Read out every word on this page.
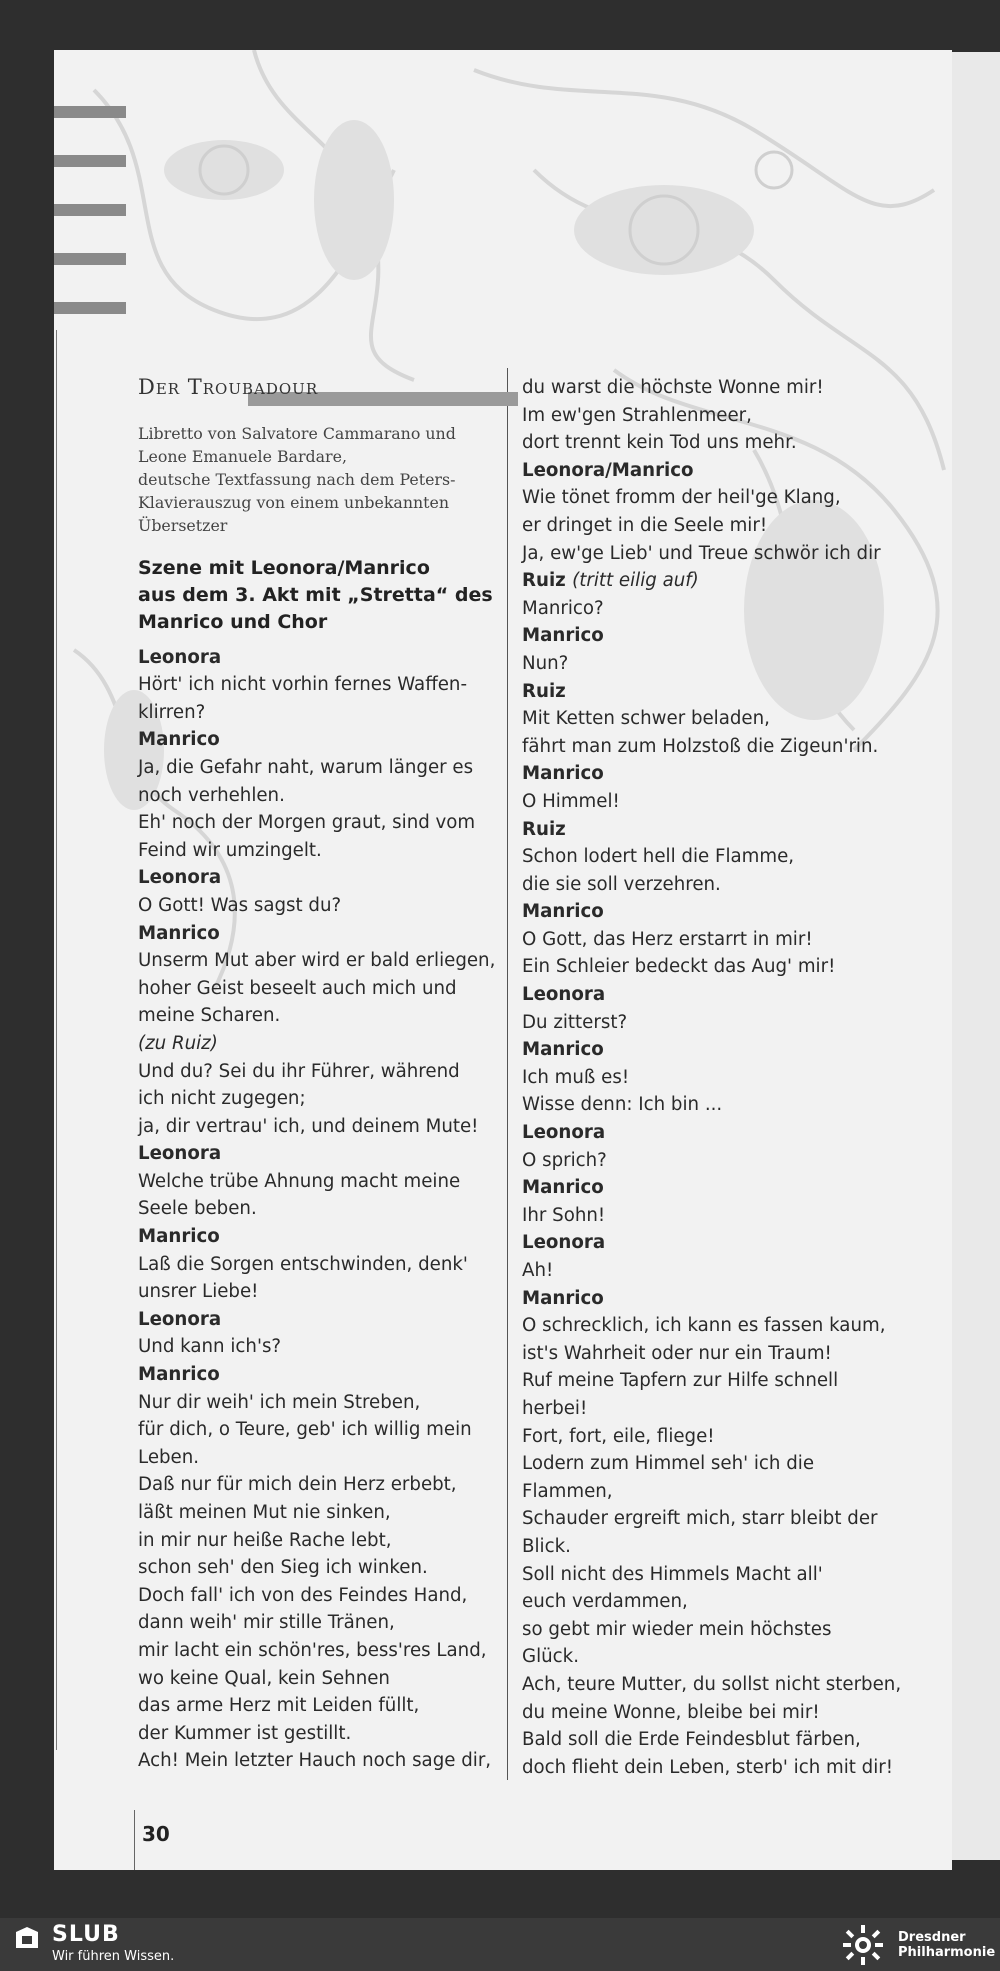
Der Troubadour
Libretto von Salvatore Cammarano und
Leone Emanuele Bardare,
deutsche Textfassung nach dem Peters-
Klavierauszug von einem unbekannten
Übersetzer
Szene mit Leonora/Manrico
aus dem 3. Akt mit „Stretta“ des
Manrico und Chor
Leonora
Hört' ich nicht vorhin fernes Waffen-
klirren?
Manrico
Ja, die Gefahr naht, warum länger es
noch verhehlen.
Eh' noch der Morgen graut, sind vom
Feind wir umzingelt.
Leonora
O Gott! Was sagst du?
Manrico
Unserm Mut aber wird er bald erliegen,
hoher Geist beseelt auch mich und
meine Scharen.
(zu Ruiz)
Und du? Sei du ihr Führer, während
ich nicht zugegen;
ja, dir vertrau' ich, und deinem Mute!
Leonora
Welche trübe Ahnung macht meine
Seele beben.
Manrico
Laß die Sorgen entschwinden, denk'
unsrer Liebe!
Leonora
Und kann ich's?
Manrico
Nur dir weih' ich mein Streben,
für dich, o Teure, geb' ich willig mein
Leben.
Daß nur für mich dein Herz erbebt,
läßt meinen Mut nie sinken,
in mir nur heiße Rache lebt,
schon seh' den Sieg ich winken.
Doch fall' ich von des Feindes Hand,
dann weih' mir stille Tränen,
mir lacht ein schön'res, bess'res Land,
wo keine Qual, kein Sehnen
das arme Herz mit Leiden füllt,
der Kummer ist gestillt.
Ach! Mein letzter Hauch noch sage dir,
du warst die höchste Wonne mir!
Im ew'gen Strahlenmeer,
dort trennt kein Tod uns mehr.
Leonora/Manrico
Wie tönet fromm der heil'ge Klang,
er dringet in die Seele mir!
Ja, ew'ge Lieb' und Treue schwör ich dir
Ruiz (tritt eilig auf)
Manrico?
Manrico
Nun?
Ruiz
Mit Ketten schwer beladen,
fährt man zum Holzstoß die Zigeun'rin.
Manrico
O Himmel!
Ruiz
Schon lodert hell die Flamme,
die sie soll verzehren.
Manrico
O Gott, das Herz erstarrt in mir!
Ein Schleier bedeckt das Aug' mir!
Leonora
Du zitterst?
Manrico
Ich muß es!
Wisse denn: Ich bin ...
Leonora
O sprich?
Manrico
Ihr Sohn!
Leonora
Ah!
Manrico
O schrecklich, ich kann es fassen kaum,
ist's Wahrheit oder nur ein Traum!
Ruf meine Tapfern zur Hilfe schnell
herbei!
Fort, fort, eile, fliege!
Lodern zum Himmel seh' ich die
Flammen,
Schauder ergreift mich, starr bleibt der
Blick.
Soll nicht des Himmels Macht all'
euch verdammen,
so gebt mir wieder mein höchstes
Glück.
Ach, teure Mutter, du sollst nicht sterben,
du meine Wonne, bleibe bei mir!
Bald soll die Erde Feindesblut färben,
doch flieht dein Leben, sterb' ich mit dir!
30
SLUB
Wir führen Wissen.
Dresdner
Philharmonie
